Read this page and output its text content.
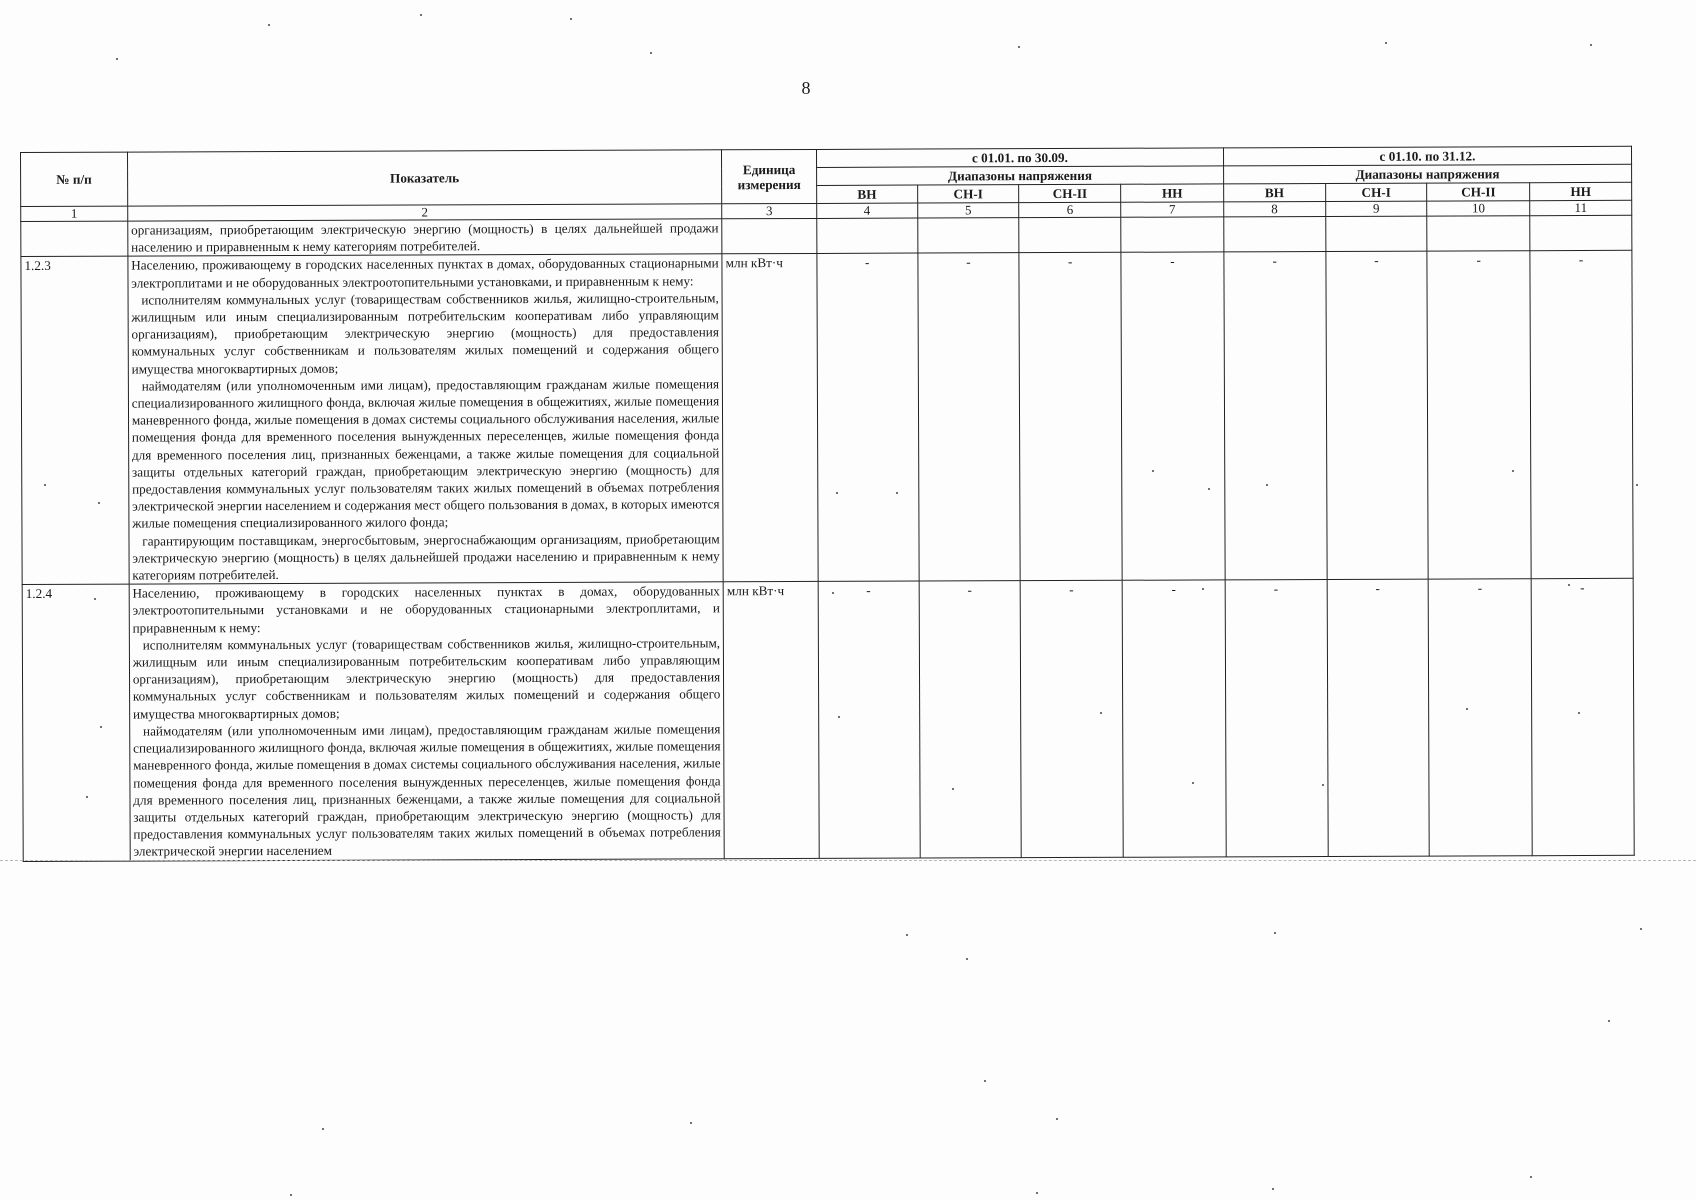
8
№ п/п	Показатель	Единица измерения	с 01.01. по 30.09.				с 01.10. по 31.12.			
			Диапазоны напряжения				Диапазоны напряжения			
			ВН	СН-I	СН-II	НН	ВН	СН-I	СН-II	НН
1	2	3	4	5	6	7	8	9	10	11

	организациям, приобретающим электрическую энергию (мощность) в целях дальнейшей продажи населению и приравненным к нему категориям потребителей.									

1.2.3	Населению, проживающему в городских населенных пунктах в домах, оборудованных стационарными электроплитами и не оборудованных электроотопительными установками, и приравненным к нему:
исполнителям коммунальных услуг (товариществам собственников жилья, жилищно-строительным, жилищным или иным специализированным потребительским кооперативам либо управляющим организациям), приобретающим электрическую энергию (мощность) для предоставления коммунальных услуг собственникам и пользователям жилых помещений и содержания общего имущества многоквартирных домов;
наймодателям (или уполномоченным ими лицам), предоставляющим гражданам жилые помещения специализированного жилищного фонда, включая жилые помещения в общежитиях, жилые помещения маневренного фонда, жилые помещения в домах системы социального обслуживания населения, жилые помещения фонда для временного поселения вынужденных переселенцев, жилые помещения фонда для временного поселения лиц, признанных беженцами, а также жилые помещения для социальной защиты отдельных категорий граждан, приобретающим электрическую энергию (мощность) для предоставления коммунальных услуг пользователям таких жилых помещений в объемах потребления электрической энергии населением и содержания мест общего пользования в домах, в которых имеются жилые помещения специализированного жилого фонда;
гарантирующим поставщикам, энергосбытовым, энергоснабжающим организациям, приобретающим электрическую энергию (мощность) в целях дальнейшей продажи населению и приравненным к нему категориям потребителей.	млн кВт·ч	-	-	-	-	-	-	-	-
1.2.4	Населению, проживающему в городских населенных пунктах в домах, оборудованных электроотопительными установками и не оборудованных стационарными электроплитами, и приравненным к нему:
исполнителям коммунальных услуг (товариществам собственников жилья, жилищно-строительным, жилищным или иным специализированным потребительским кооперативам либо управляющим организациям), приобретающим электрическую энергию (мощность) для предоставления коммунальных услуг собственникам и пользователям жилых помещений и содержания общего имущества многоквартирных домов;
наймодателям (или уполномоченным ими лицам), предоставляющим гражданам жилые помещения специализированного жилищного фонда, включая жилые помещения в общежитиях, жилые помещения маневренного фонда, жилые помещения в домах системы социального обслуживания населения, жилые помещения фонда для временного поселения вынужденных переселенцев, жилые помещения фонда для временного поселения лиц, признанных беженцами, а также жилые помещения для социальной защиты отдельных категорий граждан, приобретающим электрическую энергию (мощность) для предоставления коммунальных услуг пользователям таких жилых помещений в объемах потребления электрической энергии населением	млн кВт·ч	-	-	-	-	-	-	-	-
